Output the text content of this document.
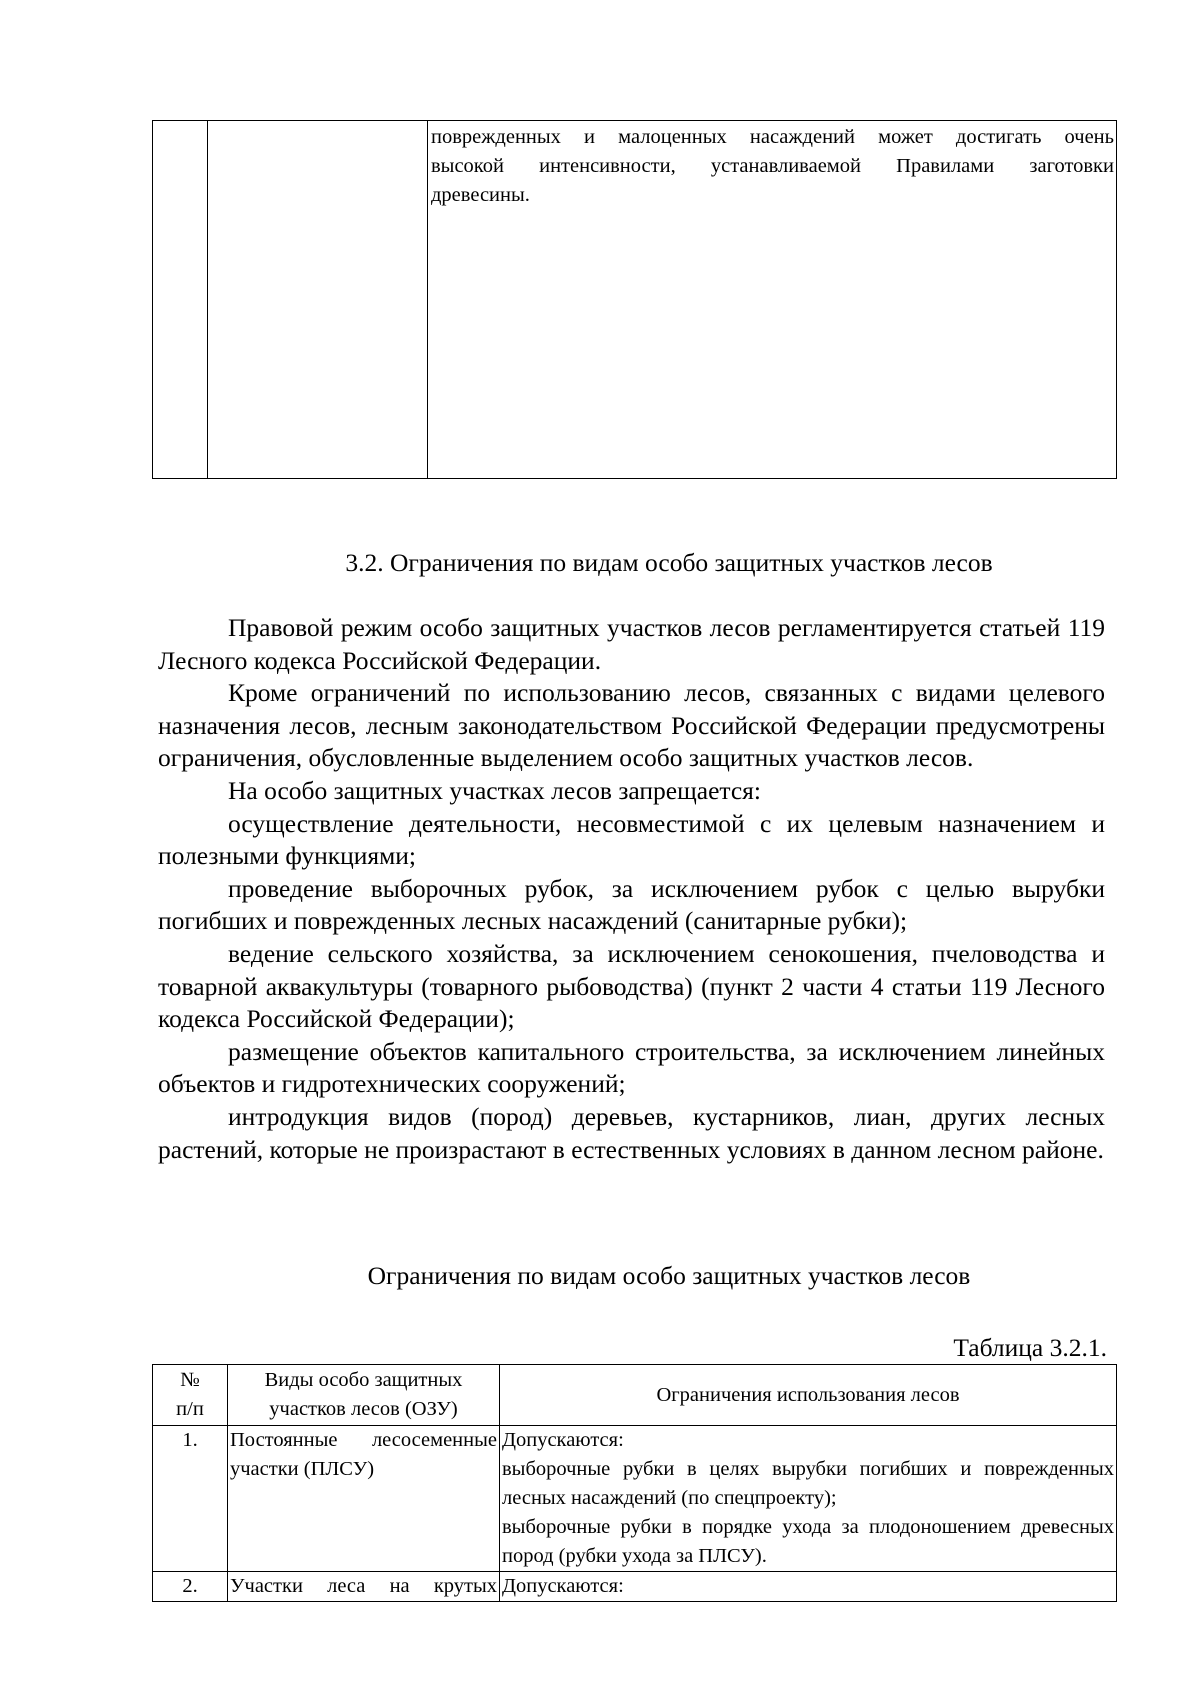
поврежденных и малоценных насаждений может достигать очень
высокой интенсивности, устанавливаемой Правилами заготовки
древесины.
3.2. Ограничения по видам особо защитных участков лесов

Правовой режим особо защитных участков лесов регламентируется статьей 119 Лесного кодекса Российской Федерации.

Кроме ограничений по использованию лесов, связанных с видами целевого назначения лесов, лесным законодательством Российской Федерации предусмотрены ограничения, обусловленные выделением особо защитных участков лесов.

На особо защитных участках лесов запрещается:

осуществление деятельности, несовместимой с их целевым назначением и полезными функциями;

проведение выборочных рубок, за исключением рубок с целью вырубки погибших и поврежденных лесных насаждений (санитарные рубки);

ведение сельского хозяйства, за исключением сенокошения, пчеловодства и товарной аквакультуры (товарного рыбоводства) (пункт 2 части 4 статьи 119 Лесного кодекса Российской Федерации);

размещение объектов капитального строительства, за исключением линейных объектов и гидротехнических сооружений;

интродукция видов (пород) деревьев, кустарников, лиан, других лесных растений, которые не произрастают в естественных условиях в данном лесном районе.

Ограничения по видам особо защитных участков лесов
Таблица 3.2.1.
№
п/п	Виды особо защитных
участков лесов (ОЗУ)	Ограничения использования лесов
1.	Постоянные лесосеменные участки (ПЛСУ)	Допускаются:
выборочные рубки в целях вырубки погибших и поврежденных лесных насаждений (по спецпроекту);
выборочные рубки в порядке ухода за плодоношением древесных пород (рубки ухода за ПЛСУ).

2.	Участки леса на крутых	Допускаются:
